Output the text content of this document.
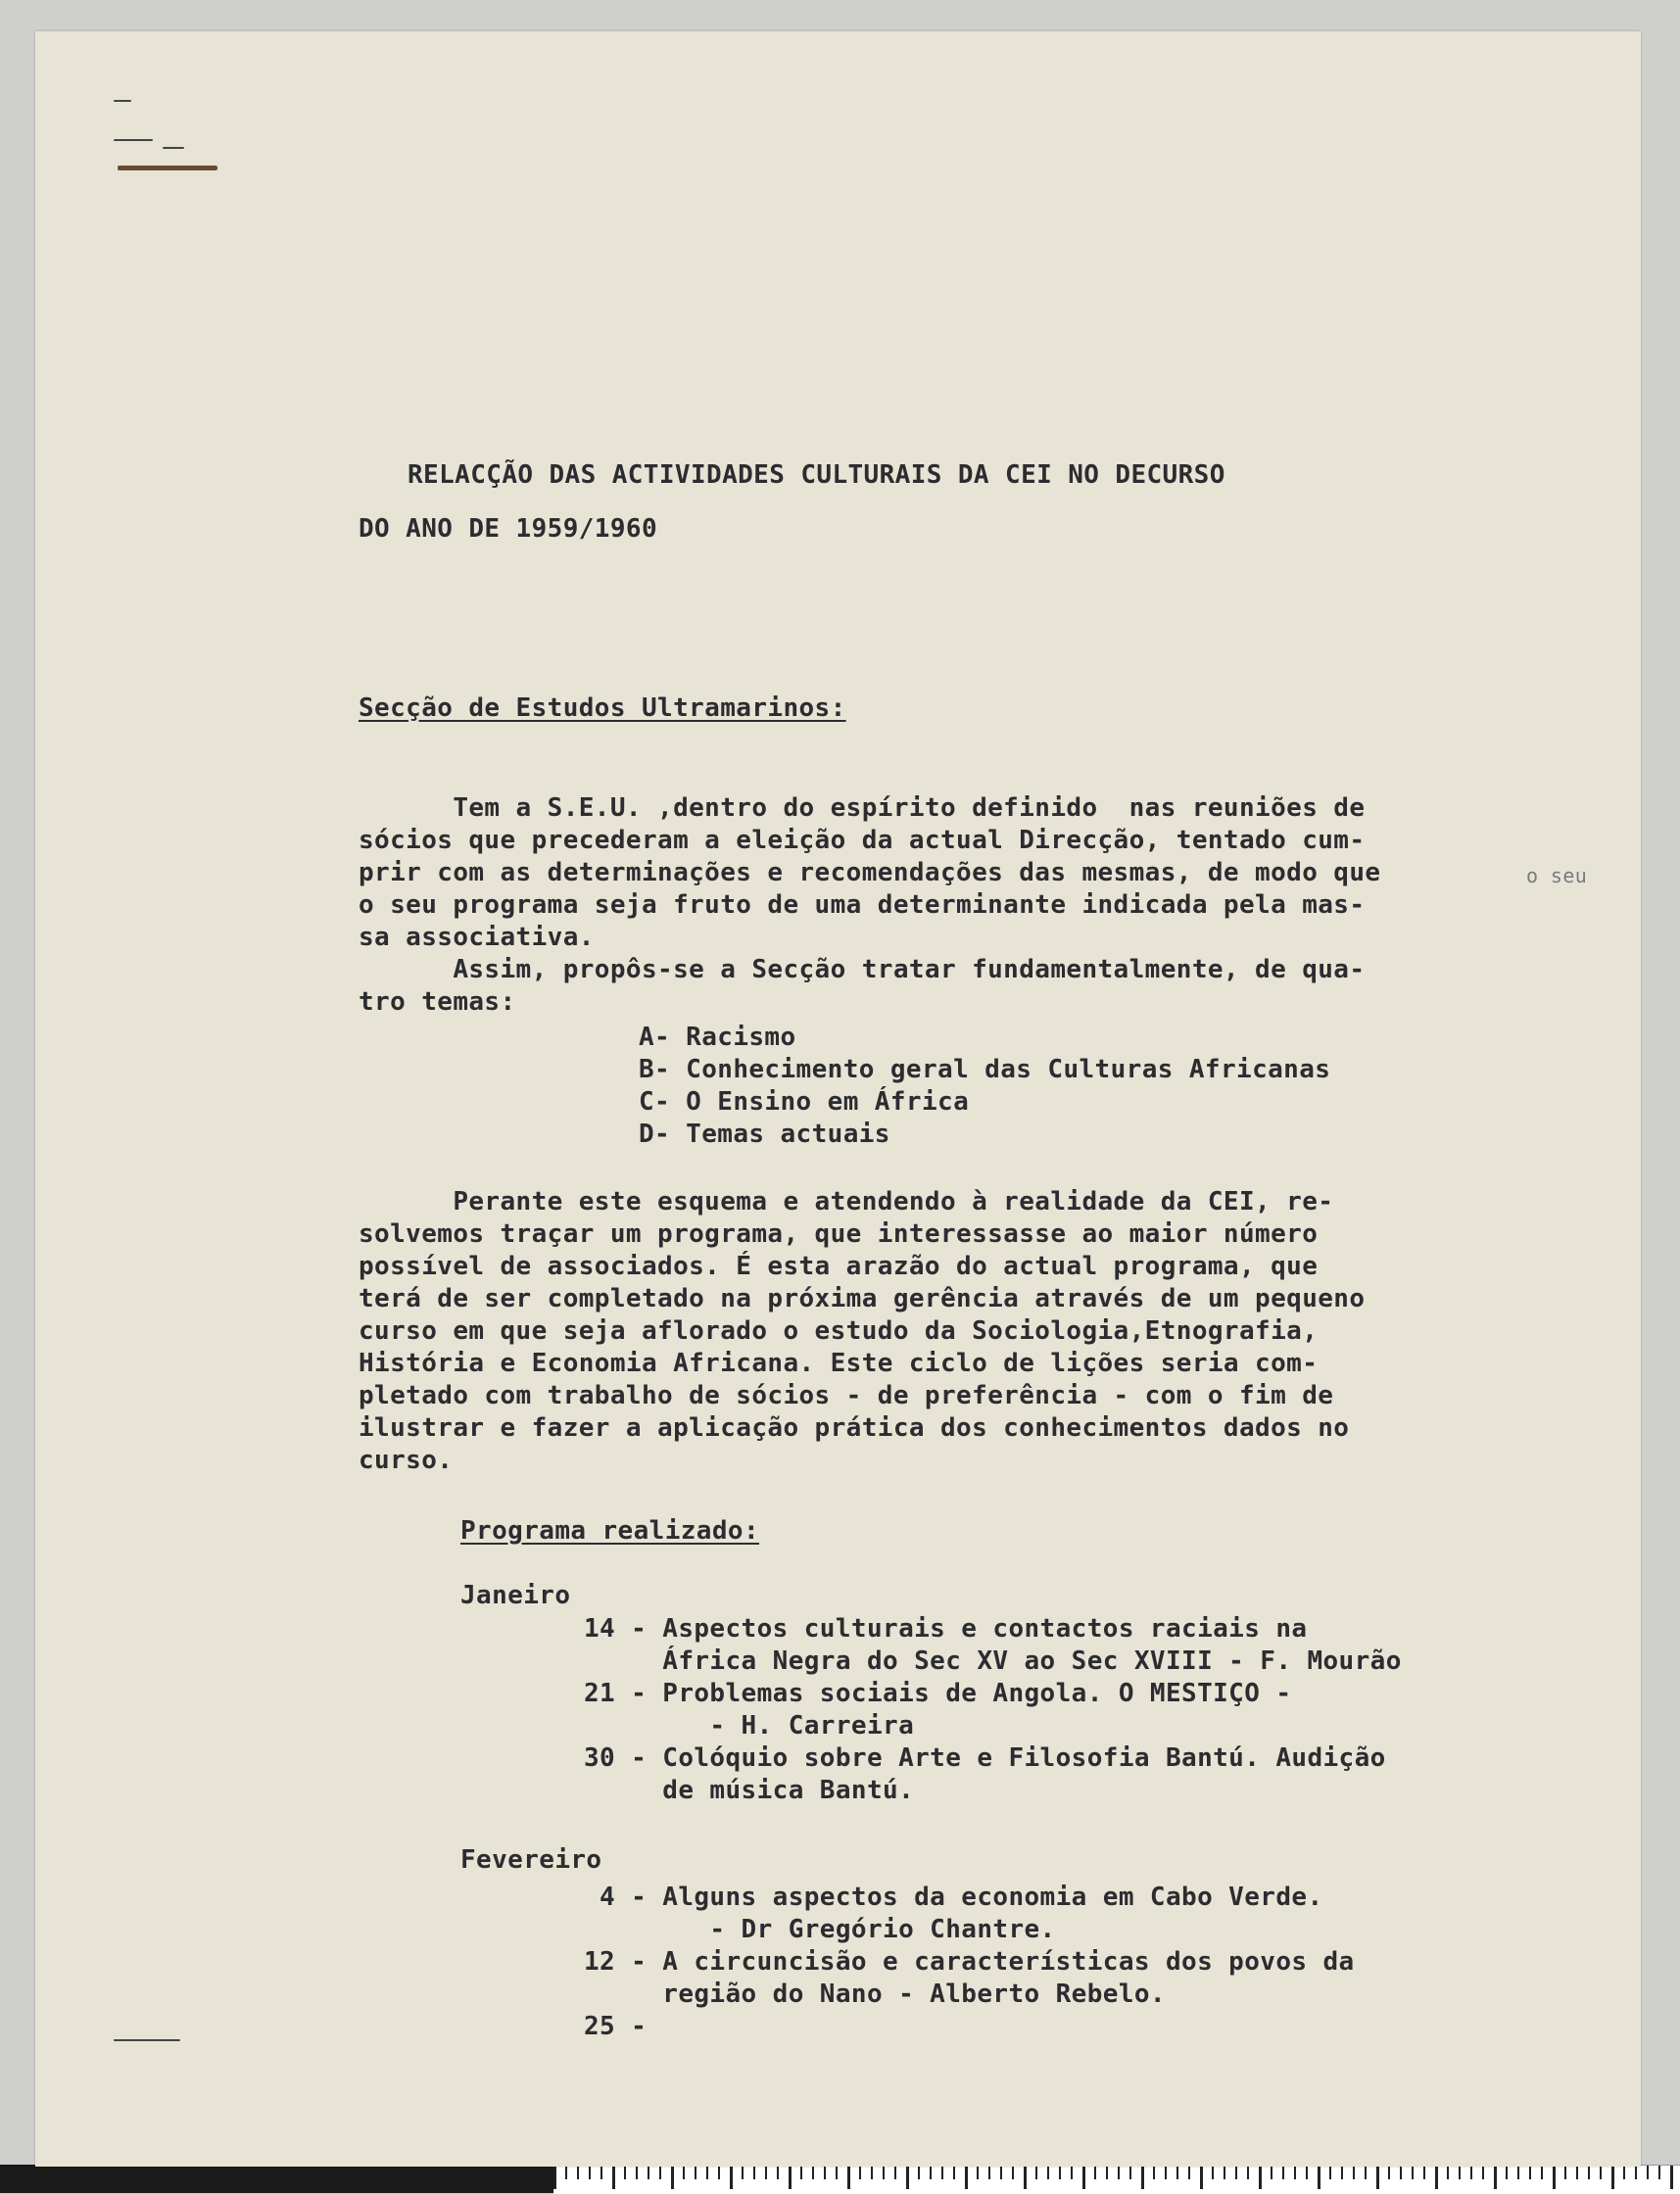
RELACÇÃO DAS ACTIVIDADES CULTURAIS DA CEI NO DECURSO
DO ANO DE 1959/1960
Secção de Estudos Ultramarinos:
Tem a S.E.U. ,dentro do espírito definido  nas reuniões de
sócios que precederam a eleição da actual Direcção, tentado cum-
prir com as determinações e recomendações das mesmas, de modo que	o seu
o seu programa seja fruto de uma determinante indicada pela mas-
sa associativa.
Assim, propôs-se a Secção tratar fundamentalmente, de qua-
tro temas:
A- Racismo
B- Conhecimento geral das Culturas Africanas
C- O Ensino em África
D- Temas actuais
Perante este esquema e atendendo à realidade da CEI, re-
solvemos traçar um programa, que interessasse ao maior número
possível de associados. É esta arazão do actual programa, que
terá de ser completado na próxima gerência através de um pequeno
curso em que seja aflorado o estudo da Sociologia,Etnografia,
História e Economia Africana. Este ciclo de lições seria com-
pletado com trabalho de sócios - de preferência - com o fim de
ilustrar e fazer a aplicação prática dos conhecimentos dados no
curso.
Programa realizado:
Janeiro
14 - Aspectos culturais e contactos raciais na
África Negra do Sec XV ao Sec XVIII - F. Mourão
21 - Problemas sociais de Angola. O MESTIÇO -
- H. Carreira
30 - Colóquio sobre Arte e Filosofia Bantú. Audição
de música Bantú.
Fevereiro
4 - Alguns aspectos da economia em Cabo Verde.
- Dr Gregório Chantre.
12 - A circuncisão e características dos povos da
região do Nano - Alberto Rebelo.
25 -
